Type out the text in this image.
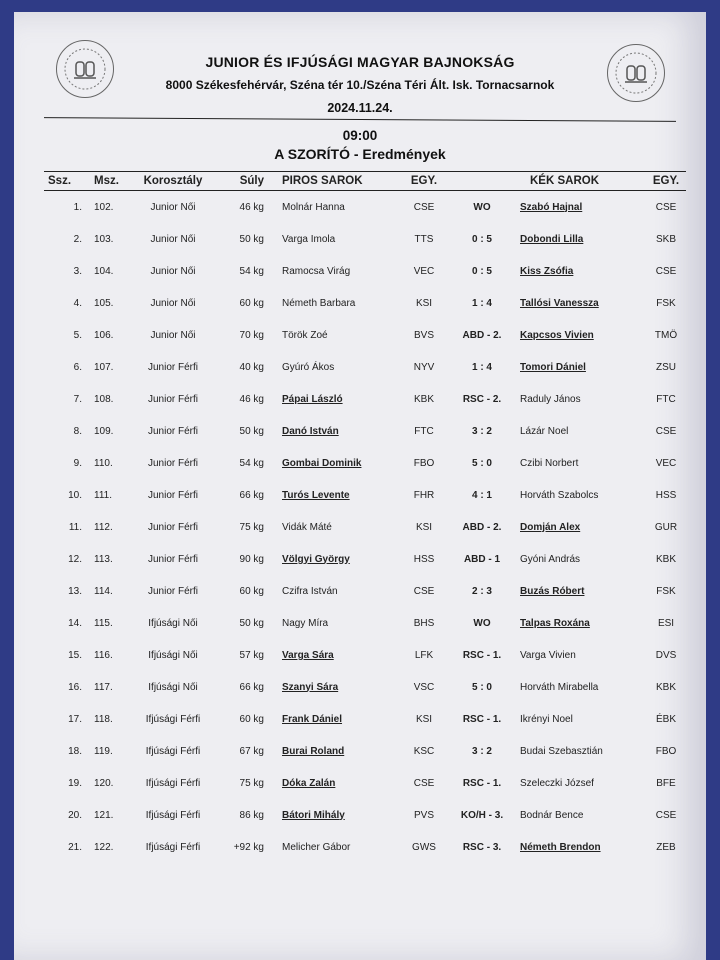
JUNIOR ÉS IFJÚSÁGI MAGYAR BAJNOKSÁG
8000 Székesfehérvár, Széna tér 10./Széna Téri Ált. Isk. Tornacsarnok
2024.11.24.
09:00
A SZORÍTÓ - Eredmények
Ssz.	Msz.	Korosztály	Súly	PIROS SAROK	EGY.		KÉK SAROK	EGY.
1.	102.	Junior Női	46 kg	Molnár Hanna	CSE	WO	Szabó Hajnal	CSE
2.	103.	Junior Női	50 kg	Varga Imola	TTS	0 : 5	Dobondi Lilla	SKB
3.	104.	Junior Női	54 kg	Ramocsa Virág	VEC	0 : 5	Kiss Zsófia	CSE
4.	105.	Junior Női	60 kg	Németh Barbara	KSI	1 : 4	Tallósi Vanessza	FSK
5.	106.	Junior Női	70 kg	Török Zoé	BVS	ABD - 2.	Kapcsos Vivien	TMÖ
6.	107.	Junior Férfi	40 kg	Gyúró Ákos	NYV	1 : 4	Tomori Dániel	ZSU
7.	108.	Junior Férfi	46 kg	Pápai László	KBK	RSC - 2.	Raduly János	FTC
8.	109.	Junior Férfi	50 kg	Danó István	FTC	3 : 2	Lázár Noel	CSE
9.	110.	Junior Férfi	54 kg	Gombai Dominik	FBO	5 : 0	Czibi Norbert	VEC
10.	111.	Junior Férfi	66 kg	Turós Levente	FHR	4 : 1	Horváth Szabolcs	HSS
11.	112.	Junior Férfi	75 kg	Vidák Máté	KSI	ABD - 2.	Domján Alex	GUR
12.	113.	Junior Férfi	90 kg	Völgyi György	HSS	ABD - 1	Gyóni András	KBK
13.	114.	Junior Férfi	60 kg	Czifra István	CSE	2 : 3	Buzás Róbert	FSK
14.	115.	Ifjúsági Női	50 kg	Nagy Míra	BHS	WO	Talpas Roxána	ESI
15.	116.	Ifjúsági Női	57 kg	Varga Sára	LFK	RSC - 1.	Varga Vivien	DVS
16.	117.	Ifjúsági Női	66 kg	Szanyi Sára	VSC	5 : 0	Horváth Mirabella	KBK
17.	118.	Ifjúsági Férfi	60 kg	Frank Dániel	KSI	RSC - 1.	Ikrényi Noel	ÉBK
18.	119.	Ifjúsági Férfi	67 kg	Burai Roland	KSC	3 : 2	Budai Szebasztián	FBO
19.	120.	Ifjúsági Férfi	75 kg	Dóka Zalán	CSE	RSC - 1.	Szeleczki József	BFE
20.	121.	Ifjúsági Férfi	86 kg	Bátori Mihály	PVS	KO/H - 3.	Bodnár Bence	CSE
21.	122.	Ifjúsági Férfi	+92 kg	Melicher Gábor	GWS	RSC - 3.	Németh Brendon	ZEB
